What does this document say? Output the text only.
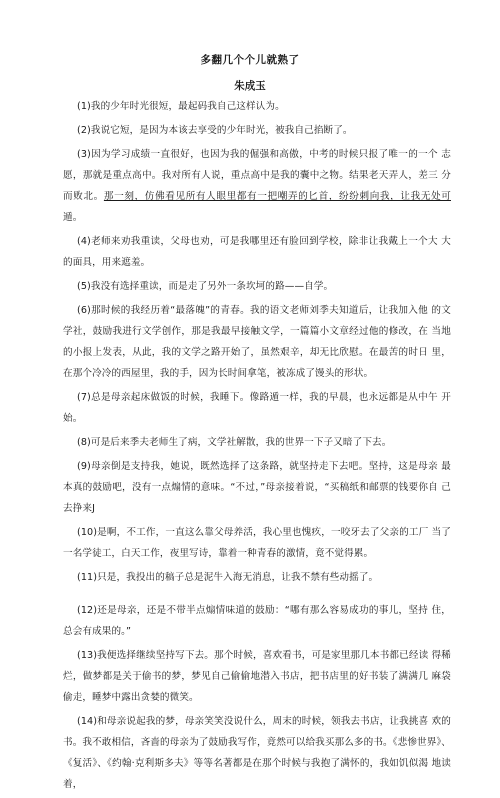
多翻几个个儿就熟了
朱成玉

(1)我的少年时光很短，最起码我自己这样认为。

(2)我说它短，是因为本该去享受的少年时光，被我自己掐断了。

(3)因为学习成绩一直很好，也因为我的倔强和高傲，中考的时候只报了唯一的一个 志愿，那就是重点高中。我对所有人说，重点高中是我的囊中之物。结果老天弄人，差三 分而败北。那一刻，仿佛看见所有人眼里都有一把嘲弄的匕首，纷纷刺向我，让我无处可 遁。

(4)老师来劝我重读，父母也劝，可是我哪里还有脸回到学校，除非让我戴上一个大 大的面具，用来遮羞。

(5)我没有选择重读，而是走了另外一条坎坷的路——自学。

(6)那时候的我经历着“最落魄”的青春。我的语文老师刘季夫知道后，让我加入他 的文学社，鼓励我进行文学创作，那是我最早接触文学，一篇篇小文章经过他的修改，在 当地的小报上发表，从此，我的文学之路开始了，虽然艰辛，却无比欣慰。在最苦的时日 里，在那个冷冷的西屋里，我的手，因为长时间拿笔，被冻成了馒头的形状。

(7)总是母亲起床做饭的时候，我睡下。像路遁一样，我的早晨，也永远都是从中午 开始。

(8)可是后来季夫老师生了病，文学社解散，我的世界一下子又暗了下去。

(9)母亲倒是支持我，她说，既然选择了这条路，就坚持走下去吧。坚持，这是母亲 最本真的鼓励吧，没有一点煽情的意味。“不过，”母亲接着说，“买稿纸和邮票的钱要你自 己去挣来J

(10)是啊，不工作，一直这么靠父母养活，我心里也愧疚，一咬牙去了父亲的工厂 当了一名学徒工，白天工作，夜里写诗，靠着一种青春的激情，竟不觉得累。

(11)只是，我投出的稿子总是泥牛入海无消息，让我不禁有些动摇了。

(12)还是母亲，还是不带半点煽情味道的鼓励：“哪有那么容易成功的事儿，坚持 住，总会有成果的。”

(13)我便选择继续坚持写下去。那个时候，喜欢看书，可是家里那几本书都已经读 得稀烂，做梦都是关于偷书的梦，梦见自己偷偷地潜入书店，把书店里的好书装了满满几 麻袋偷走，睡梦中露出贪婪的微笑。

(14)和母亲说起我的梦，母亲笑笑没说什么，周末的时候，领我去书店，让我挑喜 欢的书。我不敢相信，吝啬的母亲为了鼓励我写作，竟然可以给我买那么多的书。《悲惨世界》、《复活》、《约翰·克利斯多夫》等等名著都是在那个时候与我抱了满怀的，我如饥似渴 地读着，
